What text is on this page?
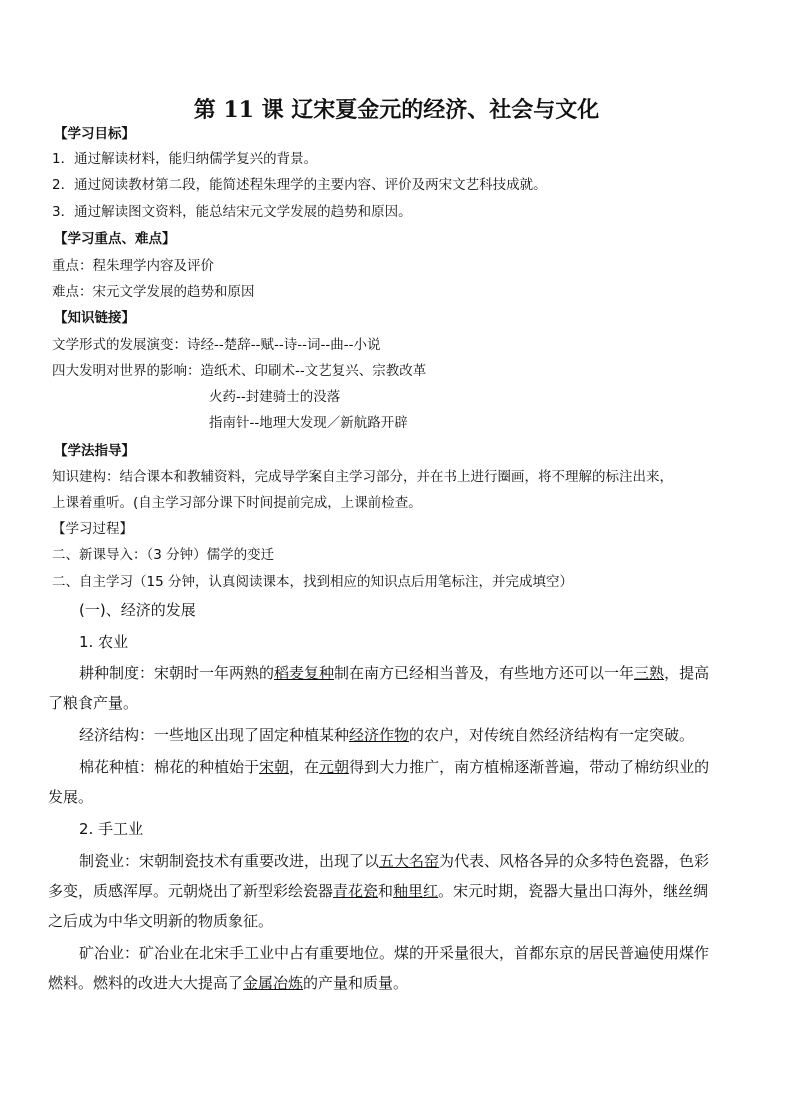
第 11 课 辽宋夏金元的经济、社会与文化
【学习目标】
1．通过解读材料，能归纳儒学复兴的背景。
2．通过阅读教材第二段，能简述程朱理学的主要内容、评价及两宋文艺科技成就。
3．通过解读图文资料，能总结宋元文学发展的趋势和原因。
【学习重点、难点】
重点：程朱理学内容及评价
难点：宋元文学发展的趋势和原因
【知识链接】
文学形式的发展演变：诗经--楚辞--赋--诗--词--曲--小说
四大发明对世界的影响：造纸术、印刷术--文艺复兴、宗教改革
火药--封建骑士的没落
指南针--地理大发现／新航路开辟
【学法指导】
知识建构：结合课本和教辅资料，完成导学案自主学习部分，并在书上进行圈画，将不理解的标注出来，
上课着重听。(自主学习部分课下时间提前完成，上课前检查。
【学习过程】
二、新课导入：（3 分钟）儒学的变迁
二、自主学习（15 分钟，认真阅读课本，找到相应的知识点后用笔标注，并完成填空）
(一)、经济的发展
1. 农业
耕种制度：宋朝时一年两熟的稻麦复种制在南方已经相当普及，有些地方还可以一年三熟，提高
了粮食产量。
经济结构：一些地区出现了固定种植某种经济作物的农户，对传统自然经济结构有一定突破。
棉花种植：棉花的种植始于宋朝，在元朝得到大力推广，南方植棉逐渐普遍，带动了棉纺织业的
发展。
2. 手工业
制瓷业：宋朝制瓷技术有重要改进，出现了以五大名窑为代表、风格各异的众多特色瓷器，色彩
多变，质感浑厚。元朝烧出了新型彩绘瓷器青花瓷和釉里红。宋元时期，瓷器大量出口海外，继丝绸
之后成为中华文明新的物质象征。
矿冶业：矿冶业在北宋手工业中占有重要地位。煤的开采量很大，首都东京的居民普遍使用煤作
燃料。燃料的改进大大提高了金属冶炼的产量和质量。
